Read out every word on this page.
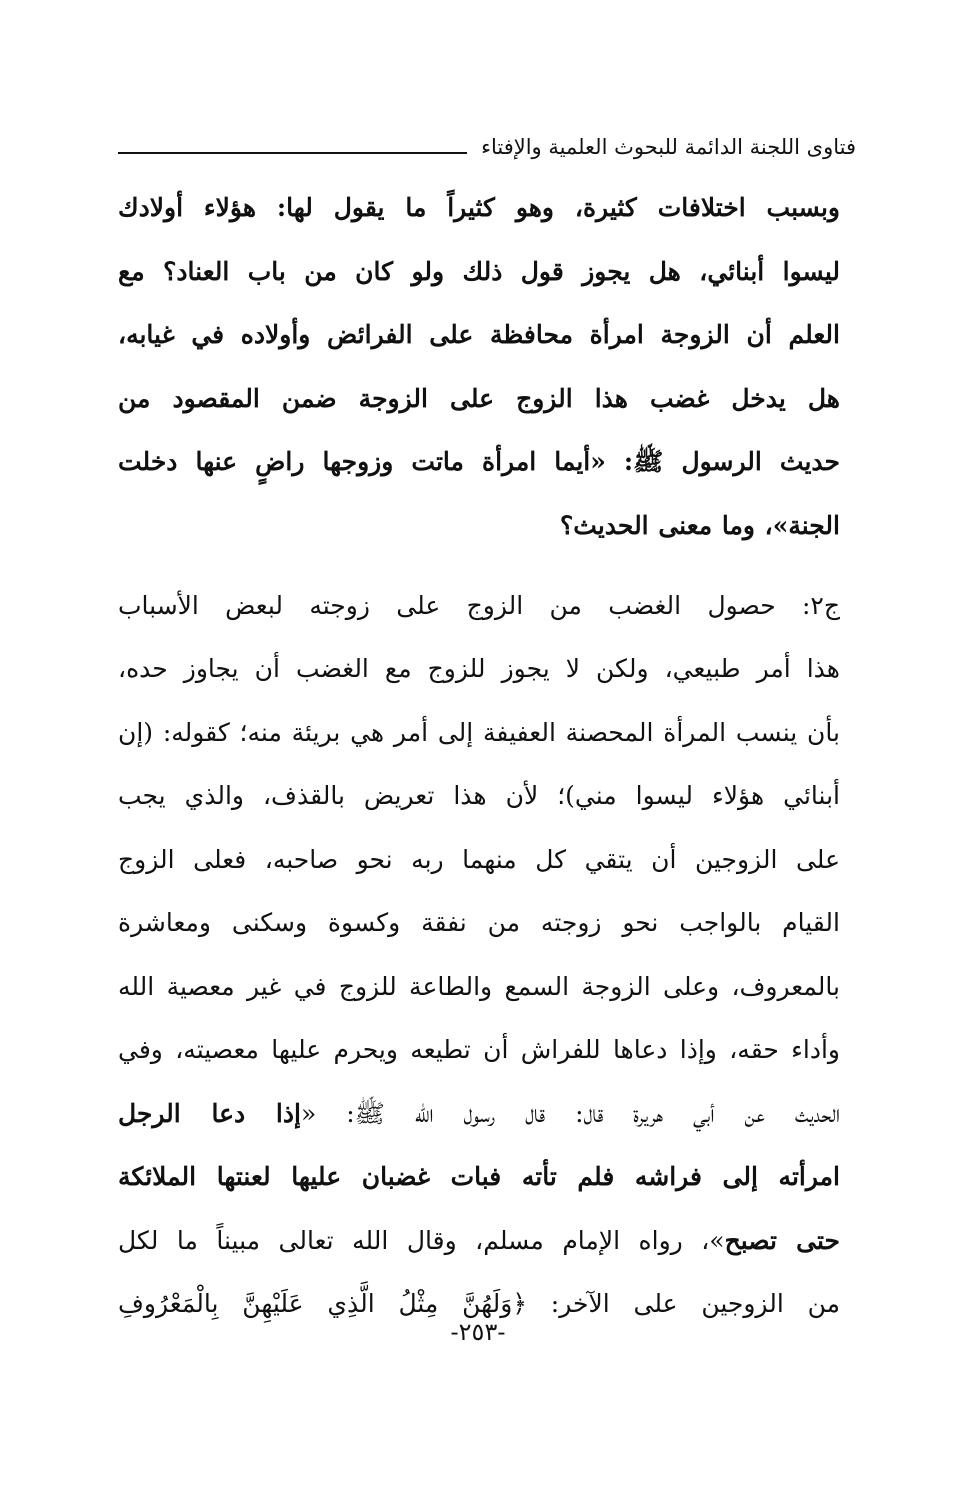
فتاوى اللجنة الدائمة للبحوث العلمية والإفتاء
وبسبب اختلافات كثيرة، وهو كثيراً ما يقول لها: هؤلاء أولادك
ليسوا أبنائي، هل يجوز قول ذلك ولو كان من باب العناد؟ مع
العلم أن الزوجة امرأة محافظة على الفرائض وأولاده في غيابه،
هل يدخل غضب هذا الزوج على الزوجة ضمن المقصود من
حديث الرسول ﷺ: «أيما امرأة ماتت وزوجها راضٍ عنها دخلت
الجنة»، وما معنى الحديث؟
ج٢: حصول الغضب من الزوج على زوجته لبعض الأسباب
هذا أمر طبيعي، ولكن لا يجوز للزوج مع الغضب أن يجاوز حده،
بأن ينسب المرأة المحصنة العفيفة إلى أمر هي بريئة منه؛ كقوله: (إن
أبنائي هؤلاء ليسوا مني)؛ لأن هذا تعريض بالقذف، والذي يجب
على الزوجين أن يتقي كل منهما ربه نحو صاحبه، فعلى الزوج
القيام بالواجب نحو زوجته من نفقة وكسوة وسكنى ومعاشرة
بالمعروف، وعلى الزوجة السمع والطاعة للزوج في غير معصية الله
وأداء حقه، وإذا دعاها للفراش أن تطيعه ويحرم عليها معصيته، وفي
الحديث عن أبي هريرة قال: قال رسول الله ﷺ: «إذا دعا الرجل
امرأته إلى فراشه فلم تأته فبات غضبان عليها لعنتها الملائكة
حتى تصبح»، رواه الإمام مسلم، وقال الله تعالى مبيناً ما لكل
من الزوجين على الآخر: ﴿وَلَهُنَّ مِثْلُ الَّذِي عَلَيْهِنَّ بِالْمَعْرُوفِ
-٢٥٣-
